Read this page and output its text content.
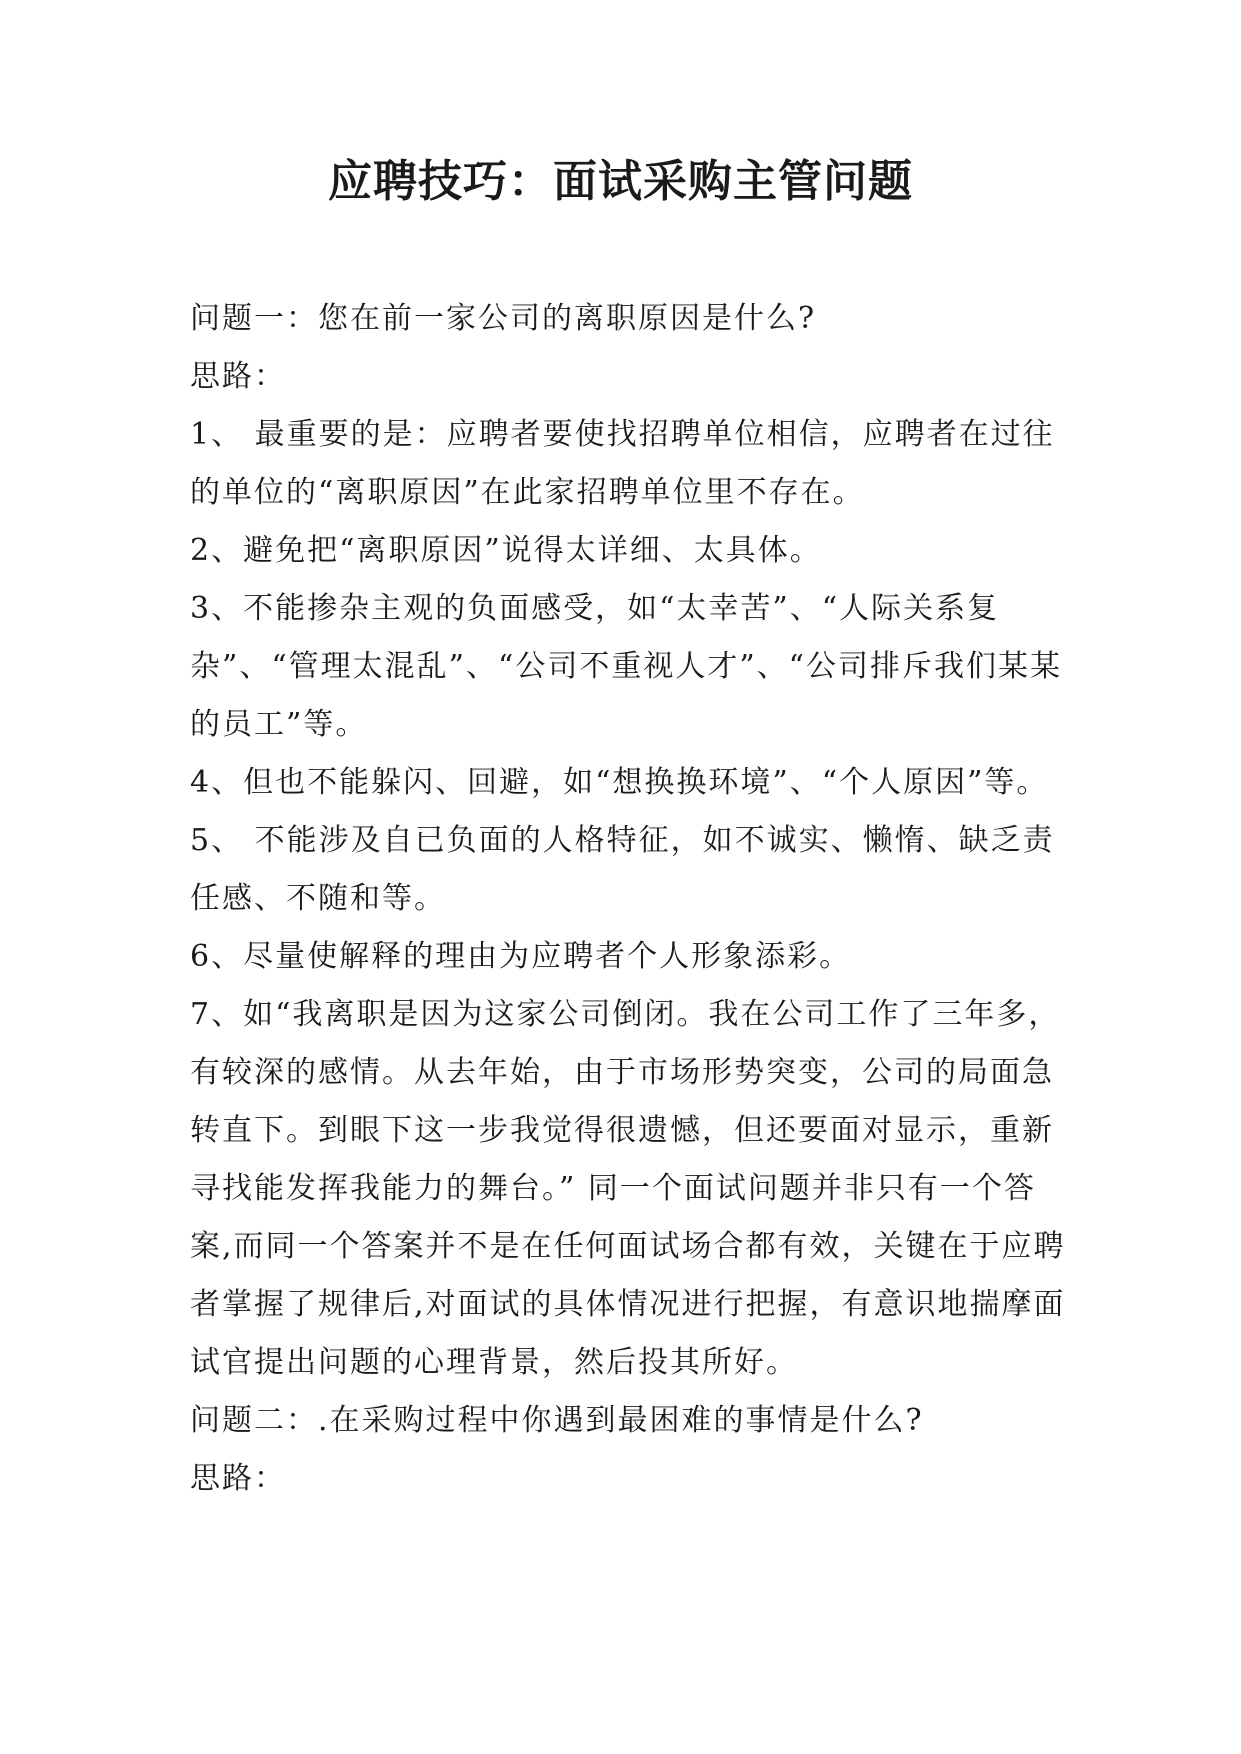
应聘技巧：面试采购主管问题

问题一：您在前一家公司的离职原因是什么?

思路：

1、 最重要的是：应聘者要使找招聘单位相信，应聘者在过往的单位的“离职原因”在此家招聘单位里不存在。

2、避免把“离职原因”说得太详细、太具体。

3、不能掺杂主观的负面感受，如“太幸苦”、“人际关系复杂”、“管理太混乱”、“公司不重视人才”、“公司排斥我们某某的员工”等。

4、但也不能躲闪、回避，如“想换换环境”、“个人原因”等。

5、 不能涉及自已负面的人格特征，如不诚实、懒惰、缺乏责任感、不随和等。

6、尽量使解释的理由为应聘者个人形象添彩。

7、如“我离职是因为这家公司倒闭。我在公司工作了三年多，有较深的感情。从去年始，由于市场形势突变，公司的局面急转直下。到眼下这一步我觉得很遗憾，但还要面对显示，重新寻找能发挥我能力的舞台。” 同一个面试问题并非只有一个答案,而同一个答案并不是在任何面试场合都有效，关键在于应聘者掌握了规律后,对面试的具体情况进行把握，有意识地揣摩面试官提出问题的心理背景，然后投其所好。

问题二：.在采购过程中你遇到最困难的事情是什么?

思路：
